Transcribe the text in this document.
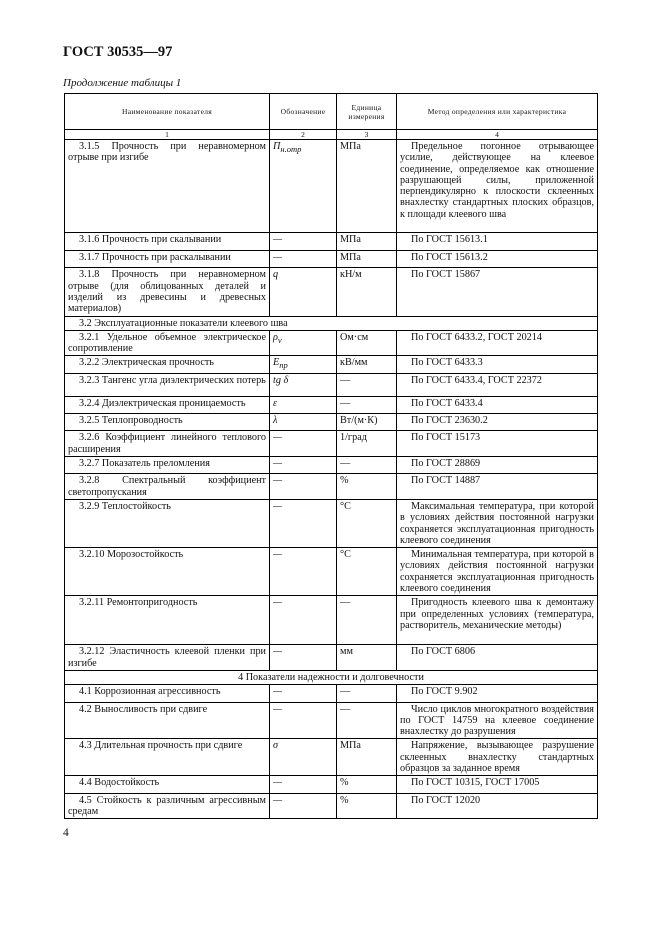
ГОСТ 30535—97
Продолжение таблицы 1
Наименование показателя	Обозначение	Единица измерения	Метод определения или характеристика
1	2	3	4
3.1.5 Прочность при неравномерном отрыве при изгибе	$П_{н.отр}$	МПа	Предельное погонное отрывающее усилие, действующее на клеевое соединение, определяемое как отношение разрушающей силы, приложенной перпендикулярно к плоскости склеенных внахлестку стандартных плоских образцов, к площади клеевого шва
3.1.6 Прочность при скалывании	—	МПа	По ГОСТ 15613.1
3.1.7 Прочность при раскалывании	—	МПа	По ГОСТ 15613.2
3.1.8 Прочность при неравномерном отрыве (для облицованных деталей и изделий из древесины и древесных материалов)	q	кН/м	По ГОСТ 15867
3.2 Эксплуатационные показатели клеевого шва			
3.2.1 Удельное объемное электрическое сопротивление	$\rho_v$	Ом·см	По ГОСТ 6433.2, ГОСТ 20214
3.2.2 Электрическая прочность	$E_{пр}$	кВ/мм	По ГОСТ 6433.3
3.2.3 Тангенс угла диэлектрических потерь	tg δ	—	По ГОСТ 6433.4, ГОСТ 22372
3.2.4 Диэлектрическая проницаемость	ε	—	По ГОСТ 6433.4
3.2.5 Теплопроводность	λ	Вт/(м·К)	По ГОСТ 23630.2
3.2.6 Коэффициент линейного теплового расширения	—	1/град	По ГОСТ 15173
3.2.7 Показатель преломления	—	—	По ГОСТ 28869
3.2.8 Спектральный коэффициент светопропускания	—	%	По ГОСТ 14887
3.2.9 Теплостойкость	—	°С	Максимальная температура, при которой в условиях действия постоянной нагрузки сохраняется эксплуатационная пригодность клеевого соединения
3.2.10 Морозостойкость	—	°С	Минимальная температура, при которой в условиях действия постоянной нагрузки сохраняется эксплуатационная пригодность клеевого соединения
3.2.11 Ремонтопригодность	—	—	Пригодность клеевого шва к демонтажу при определенных условиях (температура, растворитель, механические методы)
3.2.12 Эластичность клеевой пленки при изгибе	—	мм	По ГОСТ 6806
4 Показатели надежности и долговечности			
4.1 Коррозионная агрессивность	—	—	По ГОСТ 9.902
4.2 Выносливость при сдвиге	—	—	Число циклов многократного воздействия по ГОСТ 14759 на клеевое соединение внахлестку до разрушения
4.3 Длительная прочность при сдвиге	σ	МПа	Напряжение, вызывающее разрушение склеенных внахлестку стандартных образцов за заданное время
4.4 Водостойкость	—	%	По ГОСТ 10315, ГОСТ 17005
4.5 Стойкость к различным агрессивным средам	—	%	По ГОСТ 12020
4
